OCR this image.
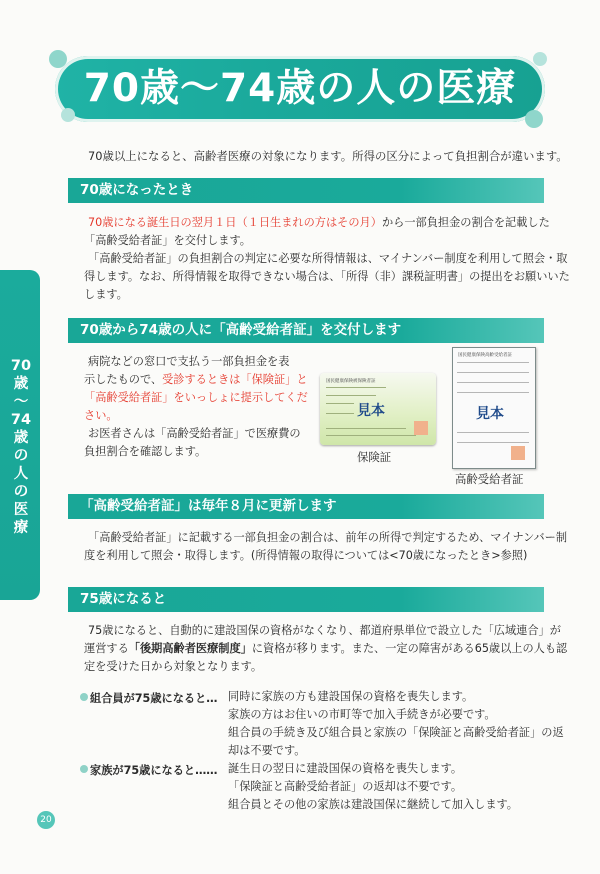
70歳～74歳の人の医療
70歳以上になると、高齢者医療の対象になります。所得の区分によって負担割合が違います。
70
歳
〜
74
歳
の
人
の
医
療
70歳になったとき
70歳になる誕生日の翌月１日（１日生まれの方はその月）から一部負担金の割合を記載した
「高齢受給者証」を交付します。
「高齢受給者証」の負担割合の判定に必要な所得情報は、マイナンバー制度を利用して照会・取
得します。なお、所得情報を取得できない場合は、「所得（非）課税証明書」の提出をお願いいた
します。
70歳から74歳の人に「高齢受給者証」を交付します
病院などの窓口で支払う一部負担金を表
示したもので、受診するときは「保険証」と
「高齢受給者証」をいっしょに提示してくだ
さい。
お医者さんは「高齢受給者証」で医療費の
負担割合を確認します。
国民健康保険被保険者証
見本
保険証
国民健康保険高齢受給者証
見本
高齢受給者証
「高齢受給者証」は毎年８月に更新します
「高齢受給者証」に記載する一部負担金の割合は、前年の所得で判定するため、マイナンバー制
度を利用して照会・取得します。(所得情報の取得については<70歳になったとき>参照)
75歳になると
75歳になると、自動的に建設国保の資格がなくなり、都道府県単位で設立した「広域連合」が
運営する「後期高齢者医療制度」に資格が移ります。また、一定の障害がある65歳以上の人も認
定を受けた日から対象となります。
組合員が75歳になると… 同時に家族の方も建設国保の資格を喪失します。
家族の方はお住いの市町等で加入手続きが必要です。
組合員の手続き及び組合員と家族の「保険証と高齢受給者証」の返
却は不要です。
家族が75歳になると…… 誕生日の翌日に建設国保の資格を喪失します。
「保険証と高齢受給者証」の返却は不要です。
組合員とその他の家族は建設国保に継続して加入します。
20
